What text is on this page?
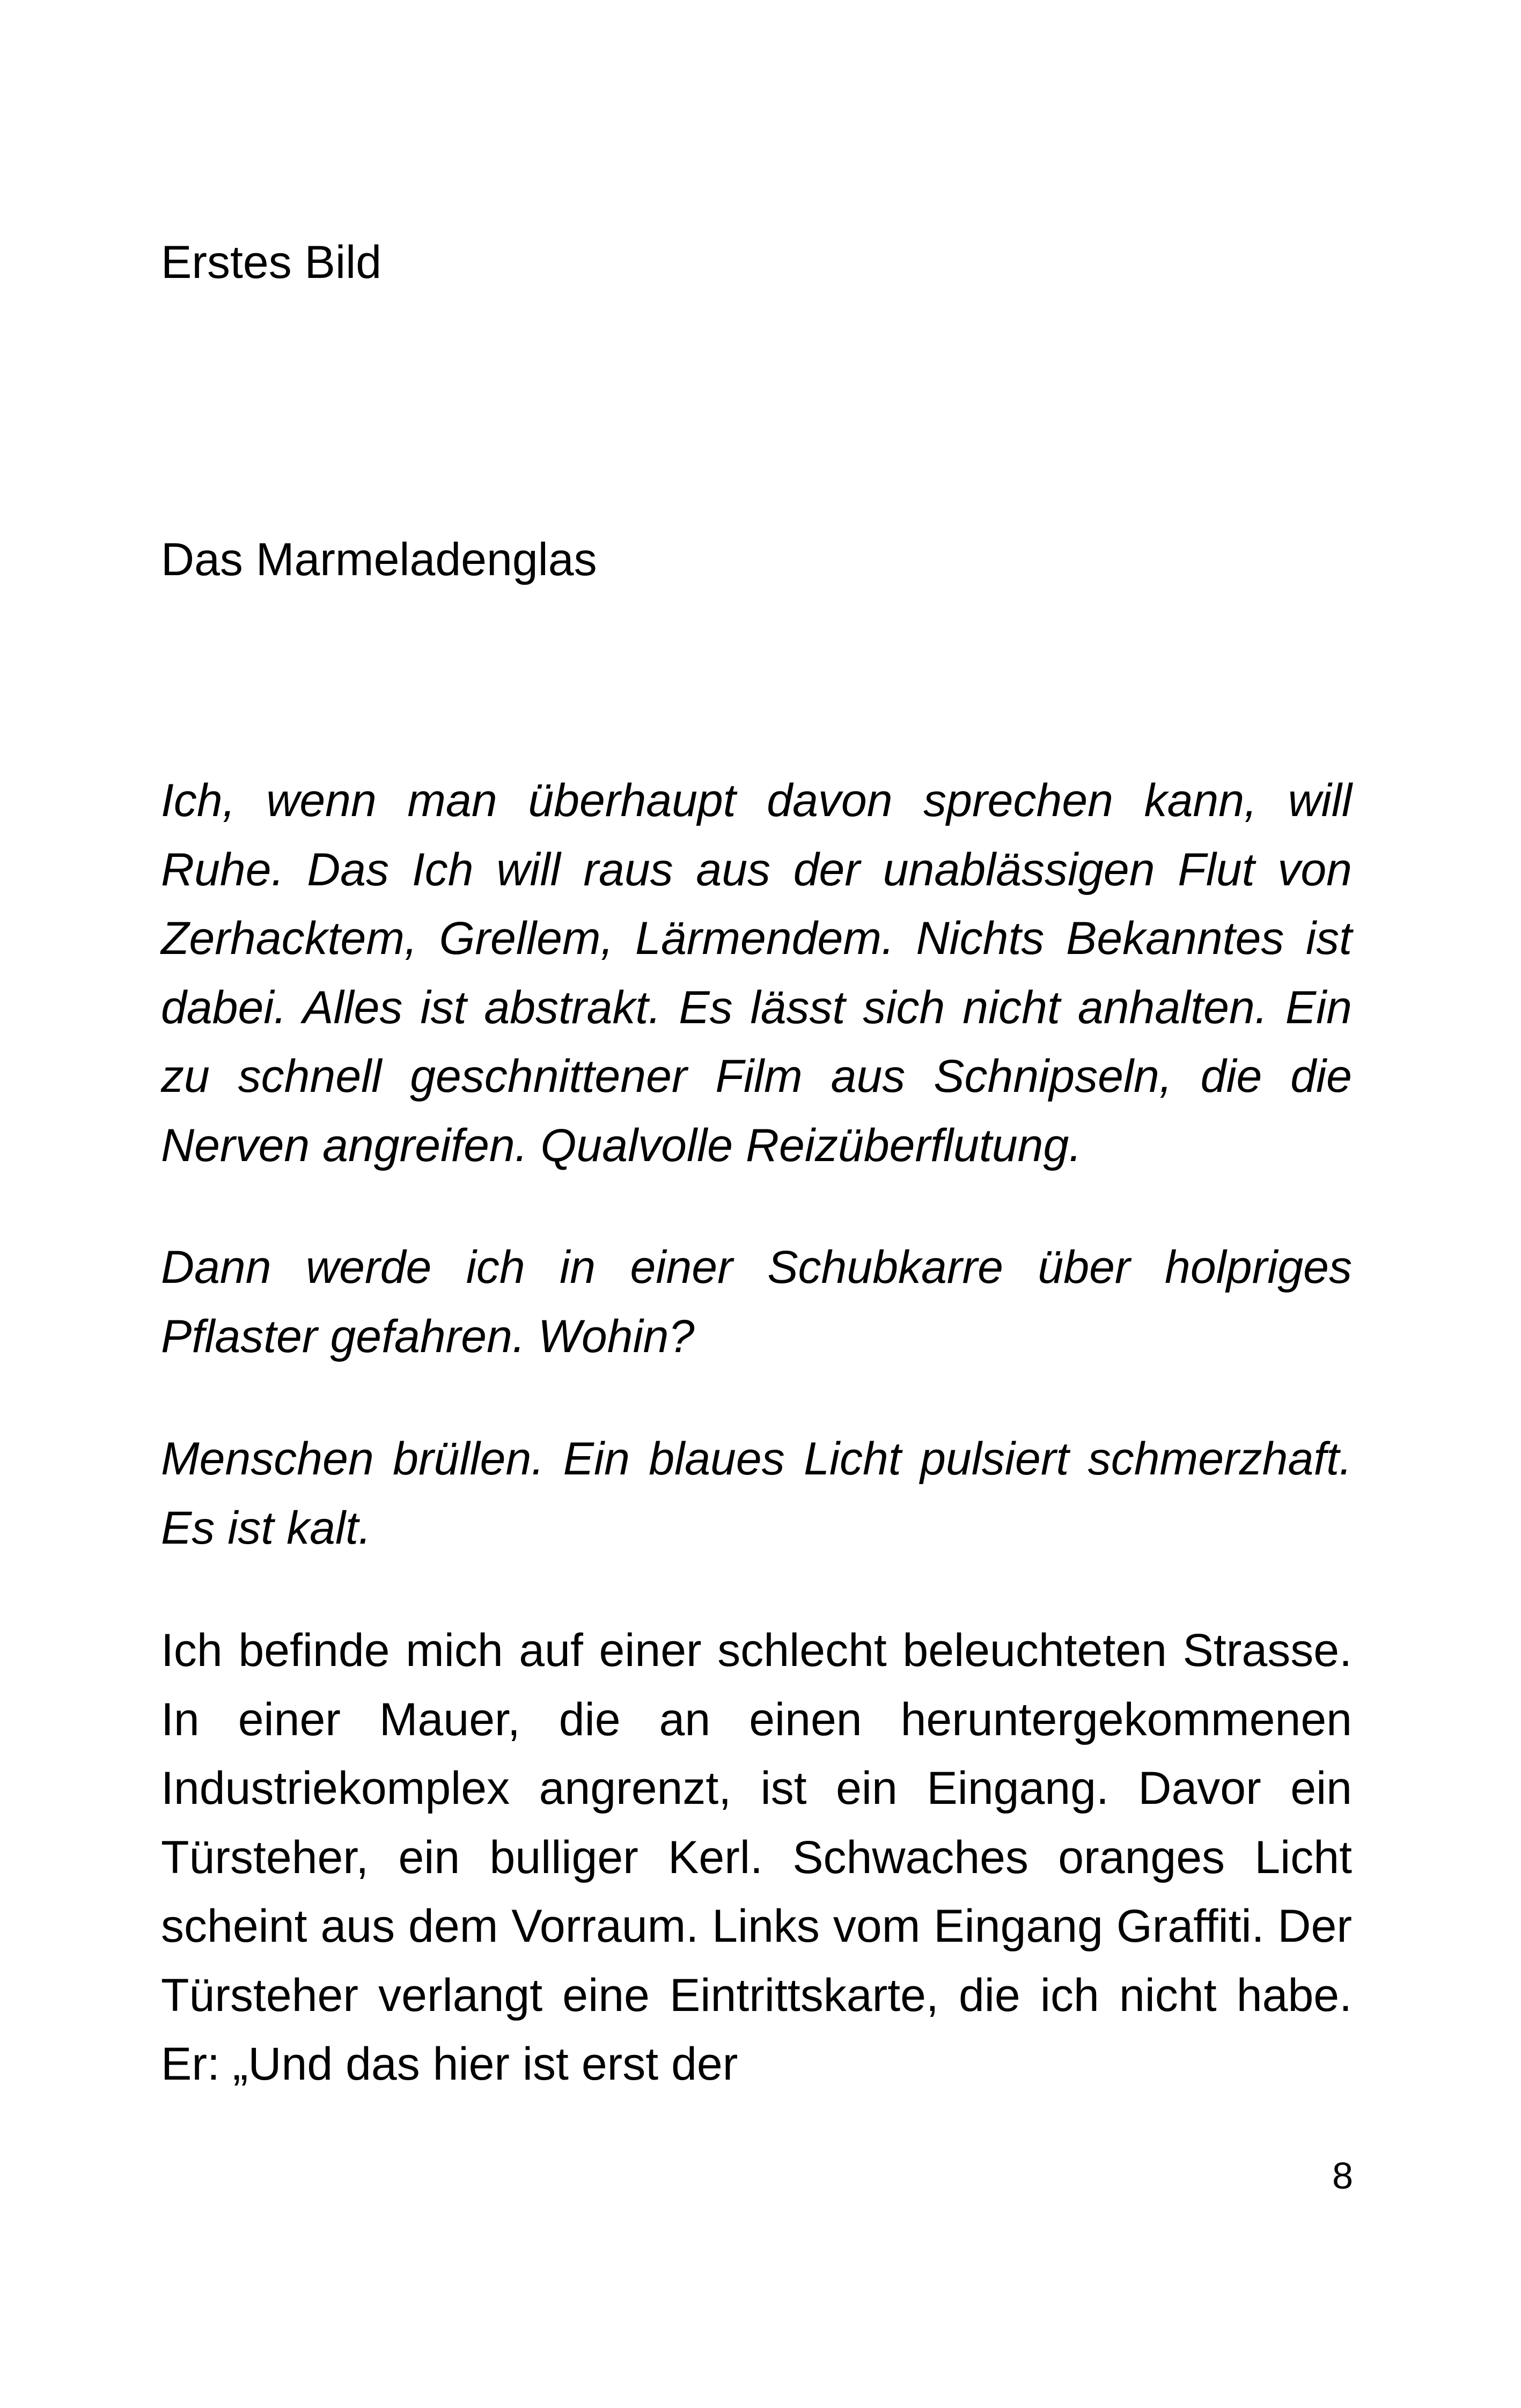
Erstes Bild
Das Marmeladenglas

Ich, wenn man überhaupt davon sprechen kann, will Ruhe. Das Ich will raus aus der unablässigen Flut von Zerhacktem, Grellem, Lärmendem. Nichts Bekanntes ist dabei. Alles ist abstrakt. Es lässt sich nicht anhalten. Ein zu schnell geschnittener Film aus Schnipseln, die die Nerven angreifen. Qualvolle Reizüberflutung.

Dann werde ich in einer Schubkarre über holpriges Pflaster gefahren. Wohin?

Menschen brüllen. Ein blaues Licht pulsiert schmerzhaft. Es ist kalt.

Ich befinde mich auf einer schlecht beleuchteten Strasse. In einer Mauer, die an einen heruntergekommenen Industriekomplex angrenzt, ist ein Eingang. Davor ein Türsteher, ein bulliger Kerl. Schwaches oranges Licht scheint aus dem Vorraum. Links vom Eingang Graffiti. Der Türsteher verlangt eine Eintrittskarte, die ich nicht habe. Er: „Und das hier ist erst der

8
